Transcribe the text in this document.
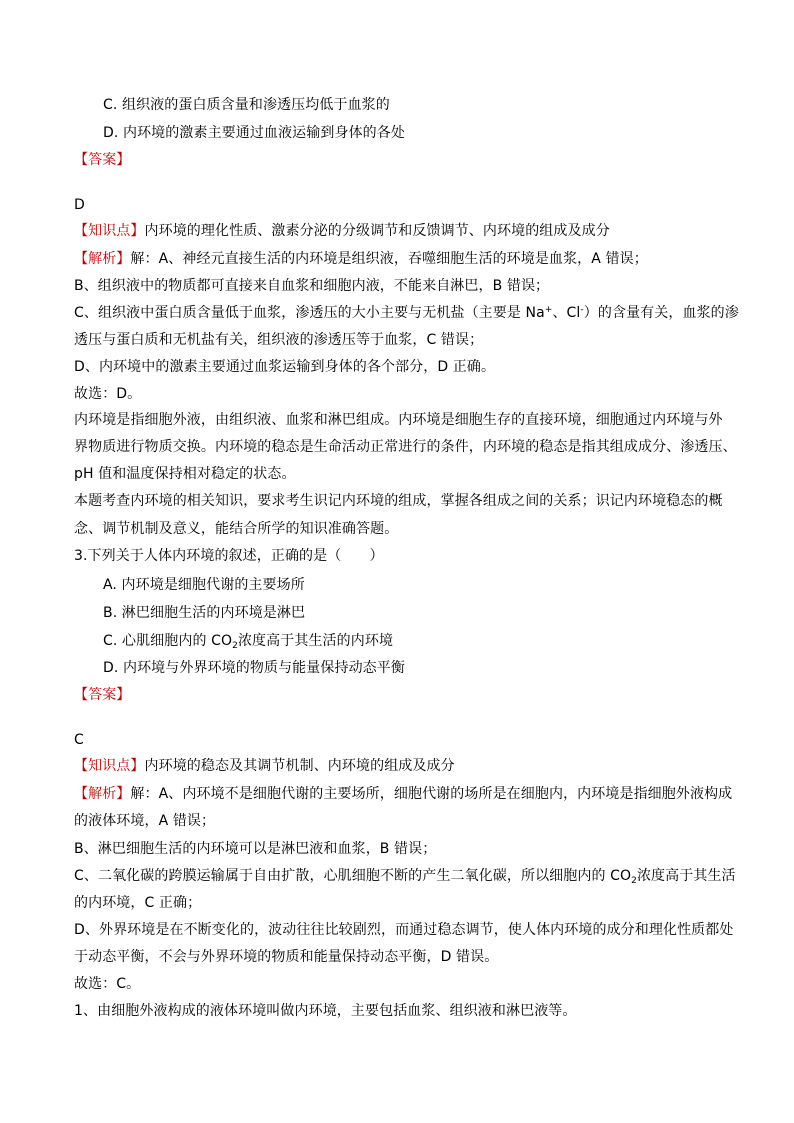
C. 组织液的蛋白质含量和渗透压均低于血浆的
D. 内环境的激素主要通过血液运输到身体的各处
【答案】
D
【知识点】内环境的理化性质、激素分泌的分级调节和反馈调节、内环境的组成及成分
【解析】解：A、神经元直接生活的内环境是组织液，吞噬细胞生活的环境是血浆，A 错误；
B、组织液中的物质都可直接来自血浆和细胞内液，不能来自淋巴，B 错误；
C、组织液中蛋白质含量低于血浆，渗透压的大小主要与无机盐（主要是 Na+、Cl-）的含量有关，血浆的渗
透压与蛋白质和无机盐有关，组织液的渗透压等于血浆，C 错误；
D、内环境中的激素主要通过血浆运输到身体的各个部分，D 正确。
故选：D。
内环境是指细胞外液，由组织液、血浆和淋巴组成。内环境是细胞生存的直接环境，细胞通过内环境与外
界物质进行物质交换。内环境的稳态是生命活动正常进行的条件，内环境的稳态是指其组成成分、渗透压、
pH 值和温度保持相对稳定的状态。
本题考查内环境的相关知识，要求考生识记内环境的组成，掌握各组成之间的关系；识记内环境稳态的概
念、调节机制及意义，能结合所学的知识准确答题。
3.下列关于人体内环境的叙述，正确的是（　　）
A. 内环境是细胞代谢的主要场所
B. 淋巴细胞生活的内环境是淋巴
C. 心肌细胞内的 $CO_2$浓度高于其生活的内环境
D. 内环境与外界环境的物质与能量保持动态平衡
【答案】
C
【知识点】内环境的稳态及其调节机制、内环境的组成及成分
【解析】解：A、内环境不是细胞代谢的主要场所，细胞代谢的场所是在细胞内，内环境是指细胞外液构成
的液体环境，A 错误；
B、淋巴细胞生活的内环境可以是淋巴液和血浆，B 错误；
C、二氧化碳的跨膜运输属于自由扩散，心肌细胞不断的产生二氧化碳，所以细胞内的 $CO_2$浓度高于其生活
的内环境，C 正确；
D、外界环境是在不断变化的，波动往往比较剧烈，而通过稳态调节，使人体内环境的成分和理化性质都处
于动态平衡，不会与外界环境的物质和能量保持动态平衡，D 错误。
故选：C。
1、由细胞外液构成的液体环境叫做内环境，主要包括血浆、组织液和淋巴液等。
